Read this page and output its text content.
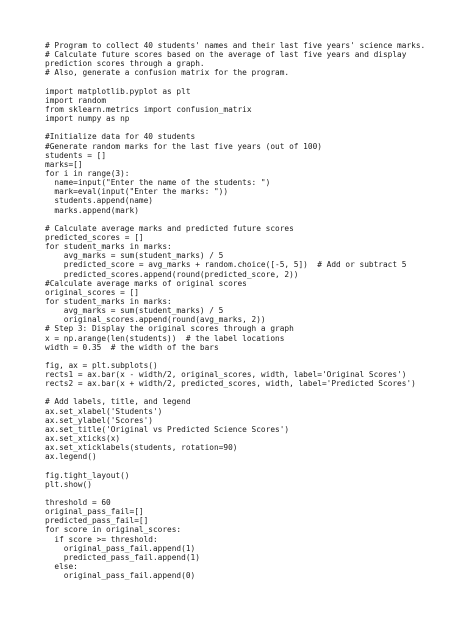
# Program to collect 40 students' names and their last five years' science marks.
# Calculate future scores based on the average of last five years and display
prediction scores through a graph.
# Also, generate a confusion matrix for the program.
import matplotlib.pyplot as plt
import random
from sklearn.metrics import confusion_matrix
import numpy as np
#Initialize data for 40 students
#Generate random marks for the last five years (out of 100)
students = []
marks=[]
for i in range(3):
name=input("Enter the name of the students: ")
mark=eval(input("Enter the marks: "))
students.append(name)
marks.append(mark)
# Calculate average marks and predicted future scores
predicted_scores = []
for student_marks in marks:
avg_marks = sum(student_marks) / 5
predicted_score = avg_marks + random.choice([-5, 5])  # Add or subtract 5
predicted_scores.append(round(predicted_score, 2))
#Calculate average marks of original scores
original_scores = []
for student_marks in marks:
avg_marks = sum(student_marks) / 5
original_scores.append(round(avg_marks, 2))
# Step 3: Display the original scores through a graph
x = np.arange(len(students))  # the label locations
width = 0.35  # the width of the bars
fig, ax = plt.subplots()
rects1 = ax.bar(x - width/2, original_scores, width, label='Original Scores')
rects2 = ax.bar(x + width/2, predicted_scores, width, label='Predicted Scores')
# Add labels, title, and legend
ax.set_xlabel('Students')
ax.set_ylabel('Scores')
ax.set_title('Original vs Predicted Science Scores')
ax.set_xticks(x)
ax.set_xticklabels(students, rotation=90)
ax.legend()
fig.tight_layout()
plt.show()
threshold = 60
original_pass_fail=[]
predicted_pass_fail=[]
for score in original_scores:
if score >= threshold:
original_pass_fail.append(1)
predicted_pass_fail.append(1)
else:
original_pass_fail.append(0)
